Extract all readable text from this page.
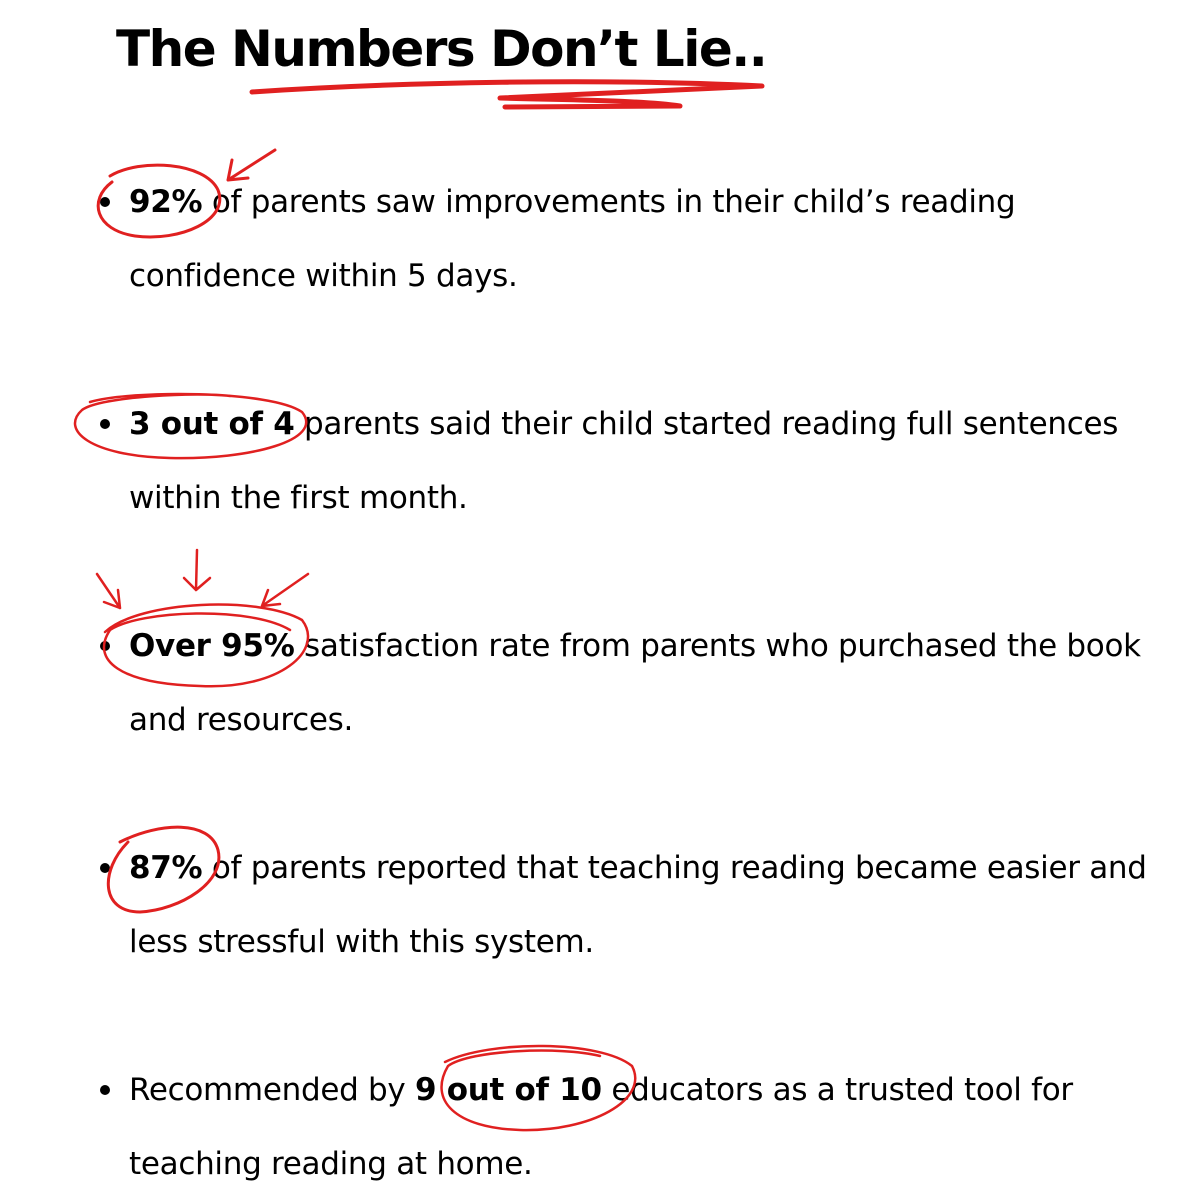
The Numbers Don’t Lie..

92% of parents saw improvements in their child’s reading confidence within 5 days.

3 out of 4 parents said their child started reading full sentences within the first month.

Over 95% satisfaction rate from parents who purchased the book and resources.

87% of parents reported that teaching reading became easier and less stressful with this system.

Recommended by 9 out of 10 educators as a trusted tool for teaching reading at home.
